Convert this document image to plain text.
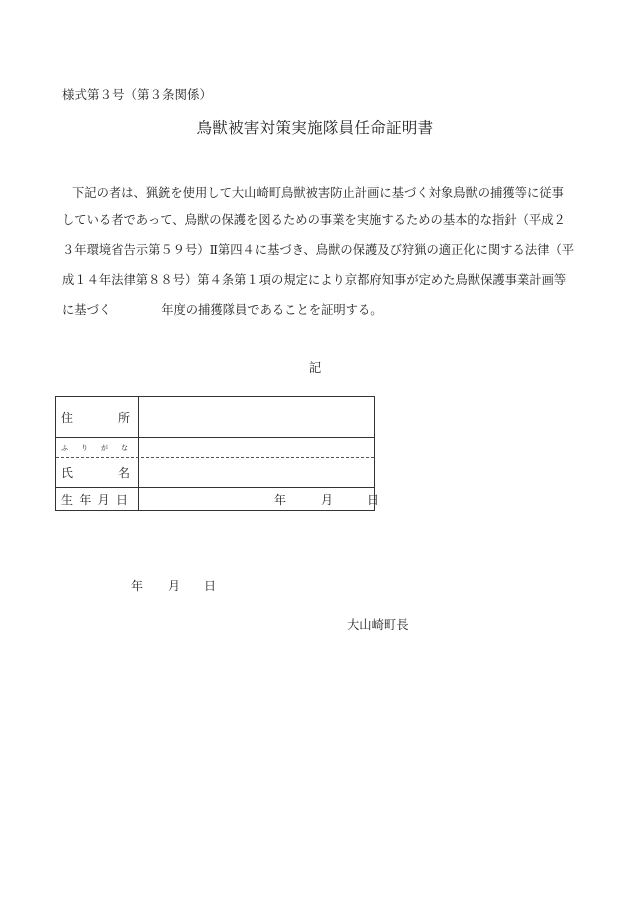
様式第３号（第３条関係）
鳥獣被害対策実施隊員任命証明書
下記の者は、猟銃を使用して大山崎町鳥獣被害防止計画に基づく対象鳥獣の捕獲等に従事
している者であって、鳥獣の保護を図るための事業を実施するための基本的な指針（平成２
３年環境省告示第５９号）Ⅱ第四４に基づき、鳥獣の保護及び狩猟の適正化に関する法律（平
成１４年法律第８８号）第４条第１項の規定により京都府知事が定めた鳥獣保護事業計画等
に基づく	年度の捕獲隊員であることを証明する。
記
住	所
ふ り が な
氏	名
生 年 月 日	年	月	日
年 月 日
大山崎町長
